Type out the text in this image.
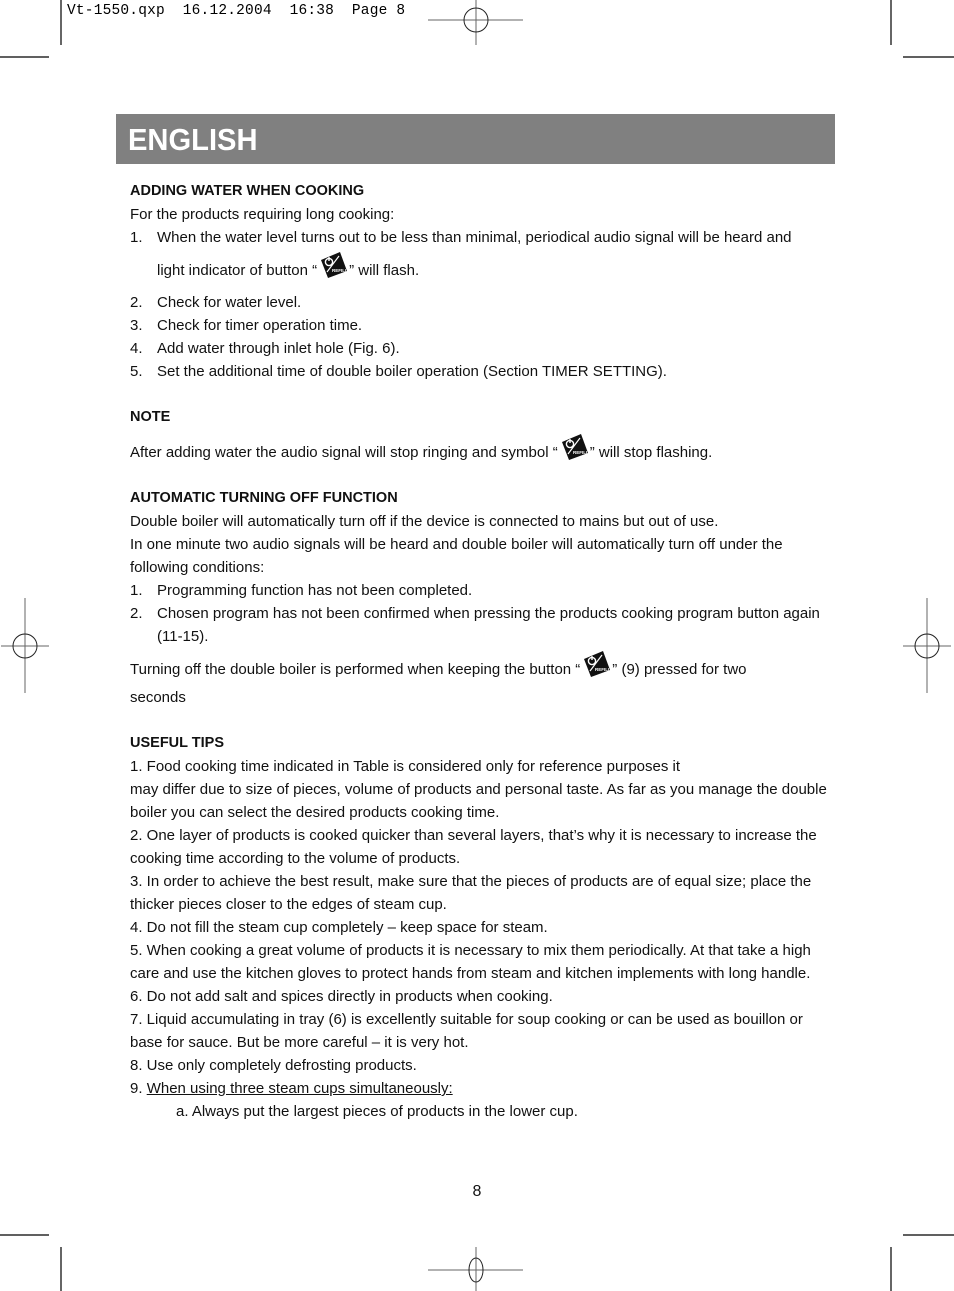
Vt-1550.qxp 16.12.2004 16:38 Page 8
ENGLISH
ADDING WATER WHEN COOKING
For the products requiring long cooking:
1. When the water level turns out to be less than minimal, periodical audio signal will be heard and
light indicator of button “ ” will flash.
2. Check for water level.
3. Check for timer operation time.
4. Add water through inlet hole (Fig. 6).
5. Set the additional time of double boiler operation (Section TIMER SETTING).
NOTE
After adding water the audio signal will stop ringing and symbol “ ” will stop flashing.
AUTOMATIC TURNING OFF FUNCTION
Double boiler will automatically turn off if the device is connected to mains but out of use.
In one minute two audio signals will be heard and double boiler will automatically turn off under the following conditions:
1. Programming function has not been completed.
2. Chosen program has not been confirmed when pressing the products cooking program button again (11-15).
Turning off the double boiler is performed when keeping the button “ ” (9) pressed for two
seconds
USEFUL TIPS
1. Food cooking time indicated in Table is considered only for reference purposes it
may differ due to size of pieces, volume of products and personal taste. As far as you manage the double boiler you can select the desired products cooking time.
2. One layer of products is cooked quicker than several layers, that’s why it is necessary to increase the cooking time according to the volume of products.
3. In order to achieve the best result, make sure that the pieces of products are of equal size; place the thicker pieces closer to the edges of steam cup.
4. Do not fill the steam cup completely – keep space for steam.
5. When cooking a great volume of products it is necessary to mix them periodically. At that take a high care and use the kitchen gloves to protect hands from steam and kitchen implements with long handle.
6. Do not add salt and spices directly in products when cooking.
7. Liquid accumulating in tray (6) is excellently suitable for soup cooking or can be used as bouillon or base for sauce. But be more careful – it is very hot.
8. Use only completely defrosting products.
9. When using three steam cups simultaneously:
a. Always put the largest pieces of products in the lower cup.
8
